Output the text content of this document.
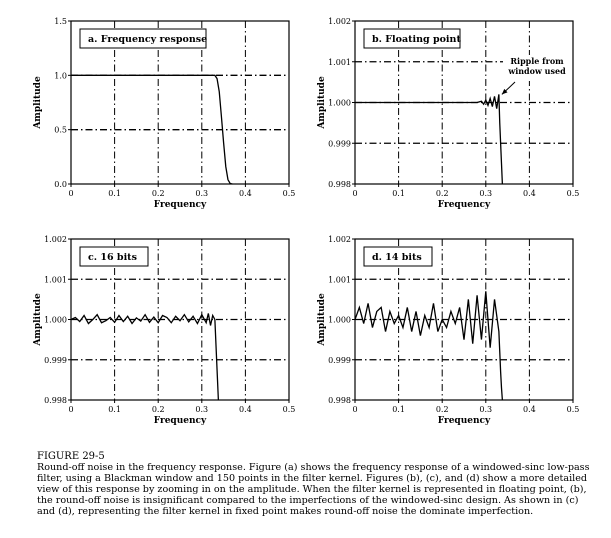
0	0.1	0.2	0.3	0.4	0.5
0.0
0.5
1.0
1.5
Frequency
Amplitude
a. Frequency response
0	0.1	0.2	0.3	0.4	0.5
0.998
0.999
1.000
1.001
1.002
Frequency
Amplitude
b. Floating point
Ripple from
window used
0	0.1	0.2	0.3	0.4	0.5
0.998
0.999
1.000
1.001
1.002
Frequency
Amplitude
c. 16 bits
0	0.1	0.2	0.3	0.4	0.5
0.998
0.999
1.000
1.001
1.002
Frequency
Amplitude
d. 14 bits
FIGURE 29-5
Round-off noise in the frequency response. Figure (a) shows the frequency response of a windowed-sinc low-pass filter, using a Blackman window and 150 points in the filter kernel. Figures (b), (c), and (d) show a more detailed view of this response by zooming in on the amplitude. When the filter kernel is represented in floating point, (b), the round-off noise is insignificant compared to the imperfections of the windowed-sinc design. As shown in (c) and (d), representing the filter kernel in fixed point makes round-off noise the dominate imperfection.
